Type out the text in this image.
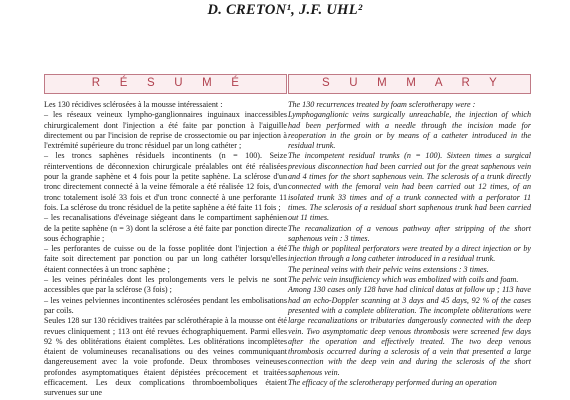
D. CRETON¹, J.F. UHL²
R É S U M É

Les 130 récidives sclérosées à la mousse intéressaient :

– les réseaux veineux lympho-ganglionnaires inguinaux inaccessibles chirurgicalement dont l'injection a été faite par ponction à l'aiguille directement ou par l'incision de reprise de crossectomie ou par injection à l'extrémité supérieure du tronc résiduel par un long cathéter ;

– les troncs saphènes résiduels incontinents (n = 100). Seize réinterventions de déconnexion chirurgicale préalables ont été réalisées pour la grande saphène et 4 fois pour la petite saphène. La sclérose d'un tronc directement connecté à la veine fémorale a été réalisée 12 fois, d'un tronc totalement isolé 33 fois et d'un tronc connecté à une perforante 11 fois. La sclérose du tronc résiduel de la petite saphène a été faite 11 fois ;

– les recanalisations d'éveinage siégeant dans le compartiment saphénien de la petite saphène (n = 3) dont la sclérose a été faite par ponction directe sous échographie ;

– les perforantes de cuisse ou de la fosse poplitée dont l'injection a été faite soit directement par ponction ou par un long cathéter lorsqu'elles étaient connectées à un tronc saphène ;

– les veines périnéales dont les prolongements vers le pelvis ne sont accessibles que par la sclérose (3 fois) ;

– les veines pelviennes incontinentes sclérosées pendant les embolisations par coils.

Seules 128 sur 130 récidives traitées par sclérothérapie à la mousse ont été revues cliniquement ; 113 ont été revues échographiquement. Parmi elles 92 % des oblitérations étaient complètes. Les oblitérations incomplètes étaient de volumineuses recanalisations ou des veines communiquant dangereusement avec la voie profonde. Deux thromboses veineuses profondes asymptomatiques étaient dépistées précocement et traitées efficacement. Les deux complications thromboemboliques étaient survenues sur une

S U M M A R Y

The 130 recurrences treated by foam sclerotherapy were :

Lymphoganglionic veins surgically unreachable, the injection of which had been performed with a needle through the incision made for reoperation in the groin or by means of a catheter introduced in the residual trunk.

The incompetent residual trunks (n = 100). Sixteen times a surgical previous disconnection had been carried out for the great saphenous vein and 4 times for the short saphenous vein. The sclerosis of a trunk directly connected with the femoral vein had been carried out 12 times, of an isolated trunk 33 times and of a trunk connected with a perforator 11 times. The sclerosis of a residual short saphenous trunk had been carried out 11 times.

The recanalization of a venous pathway after stripping of the short saphenous vein : 3 times.

The thigh or popliteal perforators were treated by a direct injection or by injection through a long catheter introduced in a residual trunk.

The perineal veins with their pelvic veins extensions : 3 times.

The pelvic vein insufficiency which was embolized with coils and foam.

Among 130 cases only 128 have had clinical datas at follow up ; 113 have had an echo-Doppler scanning at 3 days and 45 days, 92 % of the cases presented with a complete obliteration. The incomplete obliterations were large recanalizations or tributaries dangerously connected with the deep vein. Two asymptomatic deep venous thrombosis were screened few days after the operation and effectively treated. The two deep venous thrombosis occurred during a sclerosis of a vein that presented a large connection with the deep vein and during the sclerosis of the short saphenous vein.

The efficacy of the sclerotherapy performed during an operation
